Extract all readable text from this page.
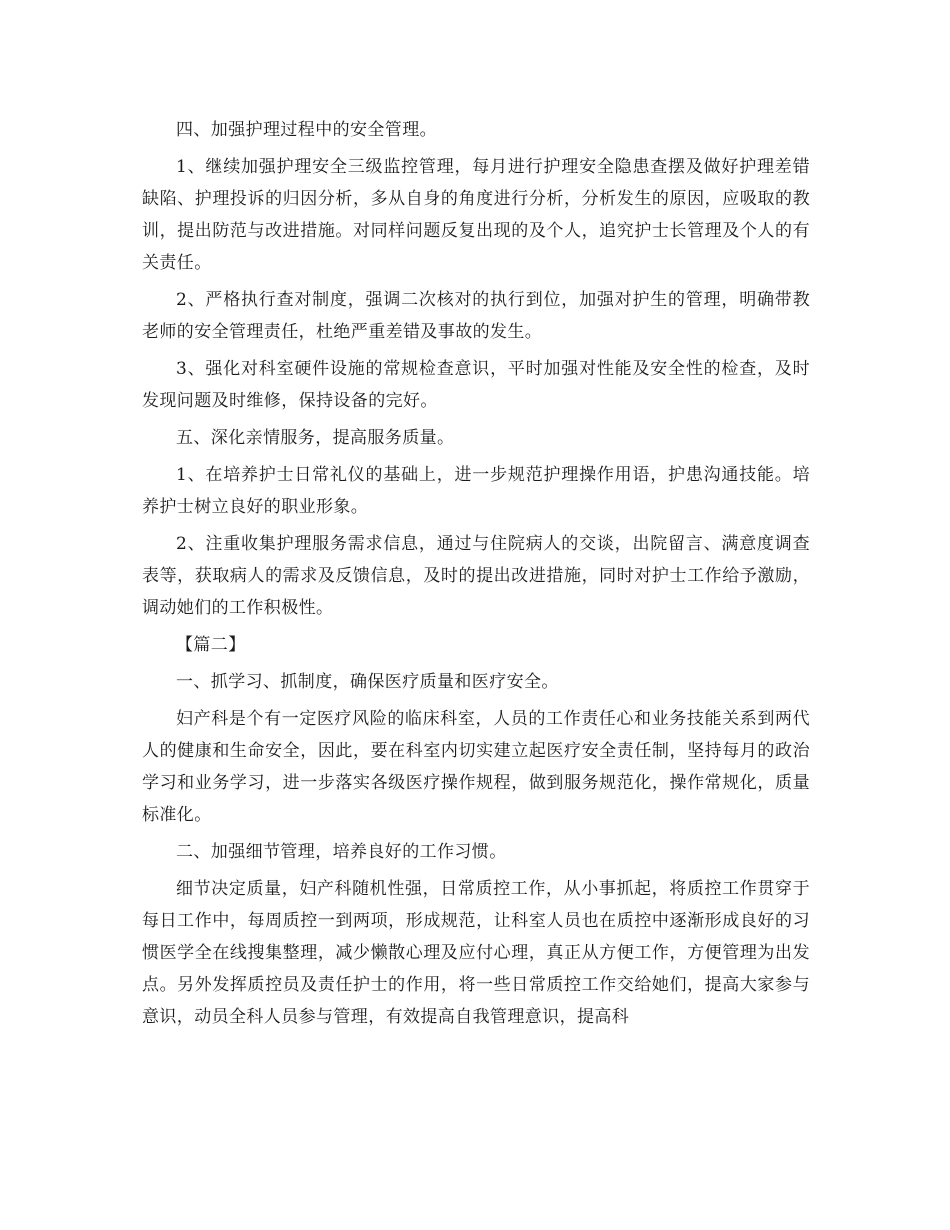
四、加强护理过程中的安全管理。

1、继续加强护理安全三级监控管理，每月进行护理安全隐患查摆及做好护理差错缺陷、护理投诉的归因分析，多从自身的角度进行分析，分析发生的原因，应吸取的教训，提出防范与改进措施。对同样问题反复出现的及个人，追究护士长管理及个人的有关责任。

2、严格执行查对制度，强调二次核对的执行到位，加强对护生的管理，明确带教老师的安全管理责任，杜绝严重差错及事故的发生。

3、强化对科室硬件设施的常规检查意识，平时加强对性能及安全性的检查，及时发现问题及时维修，保持设备的完好。

五、深化亲情服务，提高服务质量。

1、在培养护士日常礼仪的基础上，进一步规范护理操作用语，护患沟通技能。培养护士树立良好的职业形象。

2、注重收集护理服务需求信息，通过与住院病人的交谈，出院留言、满意度调查表等，获取病人的需求及反馈信息，及时的提出改进措施，同时对护士工作给予激励，调动她们的工作积极性。

【篇二】

一、抓学习、抓制度，确保医疗质量和医疗安全。

妇产科是个有一定医疗风险的临床科室，人员的工作责任心和业务技能关系到两代人的健康和生命安全，因此，要在科室内切实建立起医疗安全责任制，坚持每月的政治学习和业务学习，进一步落实各级医疗操作规程，做到服务规范化，操作常规化，质量标准化。

二、加强细节管理，培养良好的工作习惯。

细节决定质量，妇产科随机性强，日常质控工作，从小事抓起，将质控工作贯穿于每日工作中，每周质控一到两项，形成规范，让科室人员也在质控中逐渐形成良好的习惯医学全在线搜集整理，减少懒散心理及应付心理，真正从方便工作，方便管理为出发点。另外发挥质控员及责任护士的作用，将一些日常质控工作交给她们，提高大家参与意识，动员全科人员参与管理，有效提高自我管理意识，提高科
